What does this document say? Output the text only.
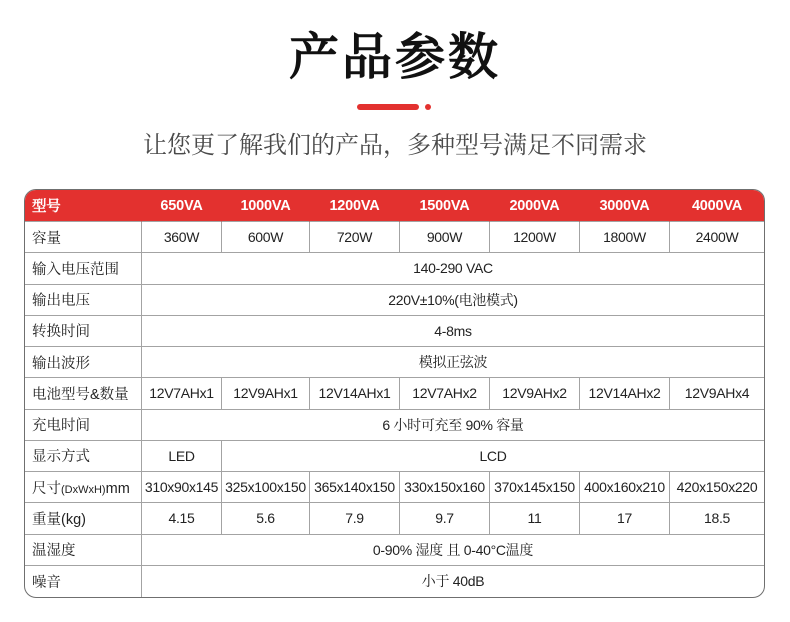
产品参数

让您更了解我们的产品，多种型号满足不同需求

型号	650VA	1000VA	1200VA	1500VA	2000VA	3000VA	4000VA
容量	360W	600W	720W	900W	1200W	1800W	2400W
输入电压范围	140-290 VAC
输出电压	220V±10%(电池模式)
转换时间	4-8ms
输出波形	模拟正弦波
电池型号&数量	12V7AHx1	12V9AHx1	12V14AHx1	12V7AHx2	12V9AHx2	12V14AHx2	12V9AHx4
充电时间	6 小时可充至 90% 容量
显示方式	LED	LCD
尺寸(DxWxH)mm 310x90x145 325x100x150 365x140x150 330x150x160 370x145x150 400x160x210 420x150x220
重量(kg)	4.15	5.6	7.9	9.7	11	17	18.5
温湿度	0-90% 湿度 且 0-40°C温度
噪音	小于 40dB
